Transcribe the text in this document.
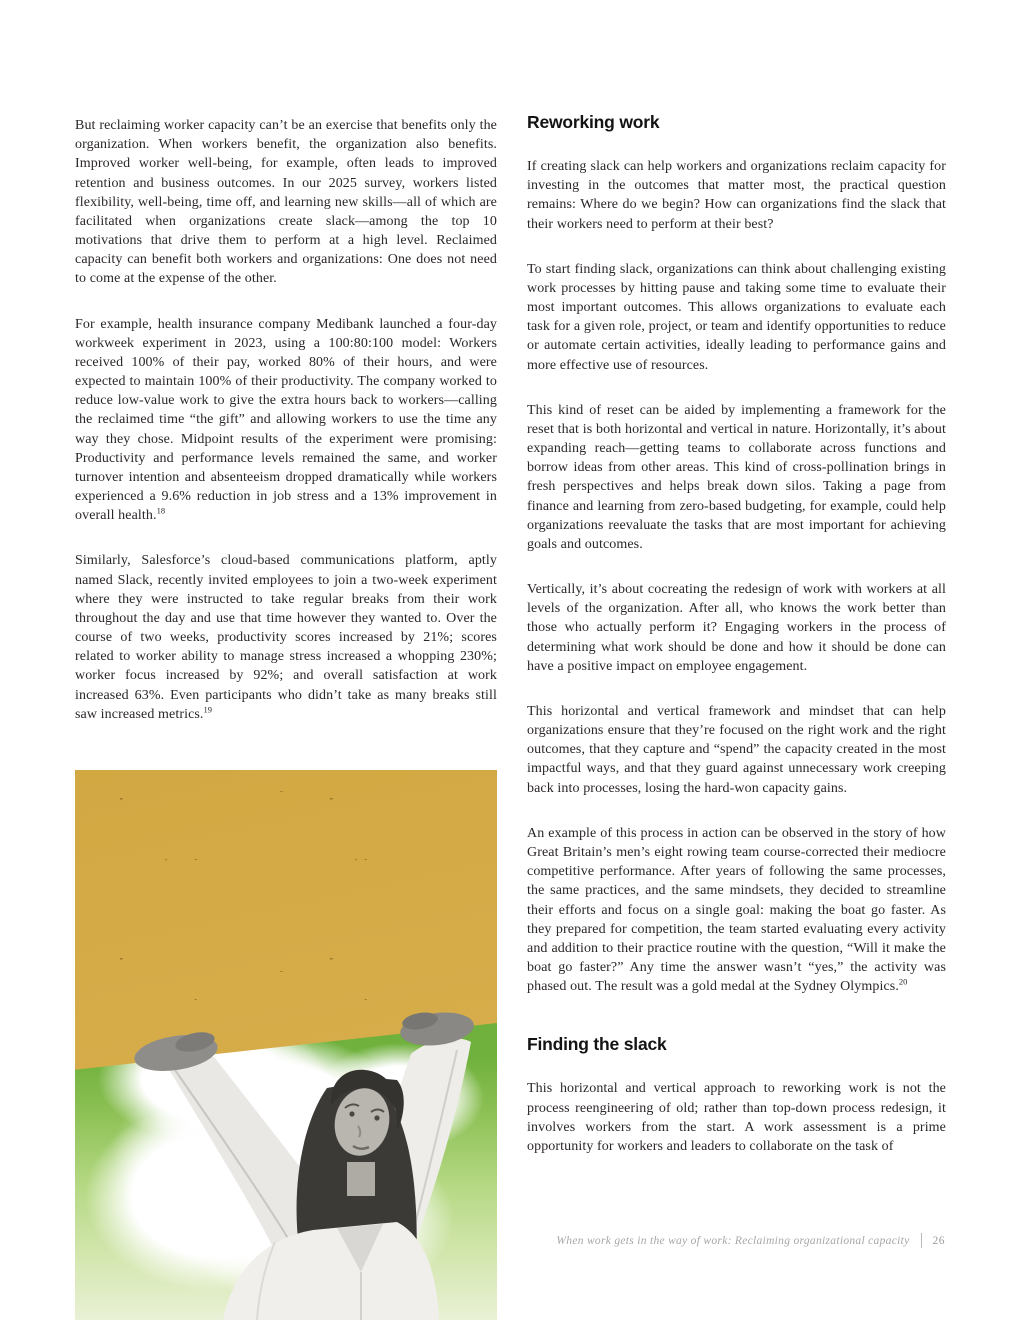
But reclaiming worker capacity can’t be an exercise that benefits only the organization. When workers benefit, the organization also benefits. Improved worker well-being, for example, often leads to improved retention and business outcomes. In our 2025 survey, workers listed flexibility, well-being, time off, and learning new skills—all of which are facilitated when organizations create slack—among the top 10 motivations that drive them to perform at a high level. Reclaimed capacity can benefit both workers and organizations: One does not need to come at the expense of the other.

For example, health insurance company Medibank launched a four-day workweek experiment in 2023, using a 100:80:100 model: Workers received 100% of their pay, worked 80% of their hours, and were expected to maintain 100% of their productivity. The company worked to reduce low-value work to give the extra hours back to workers—calling the reclaimed time “the gift” and allowing workers to use the time any way they chose. Midpoint results of the experiment were promising: Productivity and performance levels remained the same, and worker turnover intention and absenteeism dropped dramatically while workers experienced a 9.6% reduction in job stress and a 13% improvement in overall health.$^{18}$

Similarly, Salesforce’s cloud-based communications platform, aptly named Slack, recently invited employees to join a two-week experiment where they were instructed to take regular breaks from their work throughout the day and use that time however they wanted to. Over the course of two weeks, productivity scores increased by 21%; scores related to worker ability to manage stress increased a whopping 230%; worker focus increased by 92%; and overall satisfaction at work increased 63%. Even participants who didn’t take as many breaks still saw increased metrics.$^{19}$

Reworking work

If creating slack can help workers and organizations reclaim capacity for investing in the outcomes that matter most, the practical question remains: Where do we begin? How can organizations find the slack that their workers need to perform at their best?

To start finding slack, organizations can think about challenging existing work processes by hitting pause and taking some time to evaluate their most important outcomes. This allows organizations to evaluate each task for a given role, project, or team and identify opportunities to reduce or automate certain activities, ideally leading to performance gains and more effective use of resources.

This kind of reset can be aided by implementing a framework for the reset that is both horizontal and vertical in nature. Horizontally, it’s about expanding reach—getting teams to collaborate across functions and borrow ideas from other areas. This kind of cross-pollination brings in fresh perspectives and helps break down silos. Taking a page from finance and learning from zero-based budgeting, for example, could help organizations reevaluate the tasks that are most important for achieving goals and outcomes.

Vertically, it’s about cocreating the redesign of work with workers at all levels of the organization. After all, who knows the work better than those who actually perform it? Engaging workers in the process of determining what work should be done and how it should be done can have a positive impact on employee engagement.

This horizontal and vertical framework and mindset that can help organizations ensure that they’re focused on the right work and the right outcomes, that they capture and “spend” the capacity created in the most impactful ways, and that they guard against unnecessary work creeping back into processes, losing the hard-won capacity gains.

An example of this process in action can be observed in the story of how Great Britain’s men’s eight rowing team course-corrected their mediocre competitive performance. After years of following the same processes, the same practices, and the same mindsets, they decided to streamline their efforts and focus on a single goal: making the boat go faster. As they prepared for competition, the team started evaluating every activity and addition to their practice routine with the question, “Will it make the boat go faster?” Any time the answer wasn’t “yes,” the activity was phased out. The result was a gold medal at the Sydney Olympics.$^{20}$

Finding the slack

This horizontal and vertical approach to reworking work is not the process reengineering of old; rather than top-down process redesign, it involves workers from the start. A work assessment is a prime opportunity for workers and leaders to collaborate on the task of

When work gets in the way of work: Reclaiming organizational capacity 26
